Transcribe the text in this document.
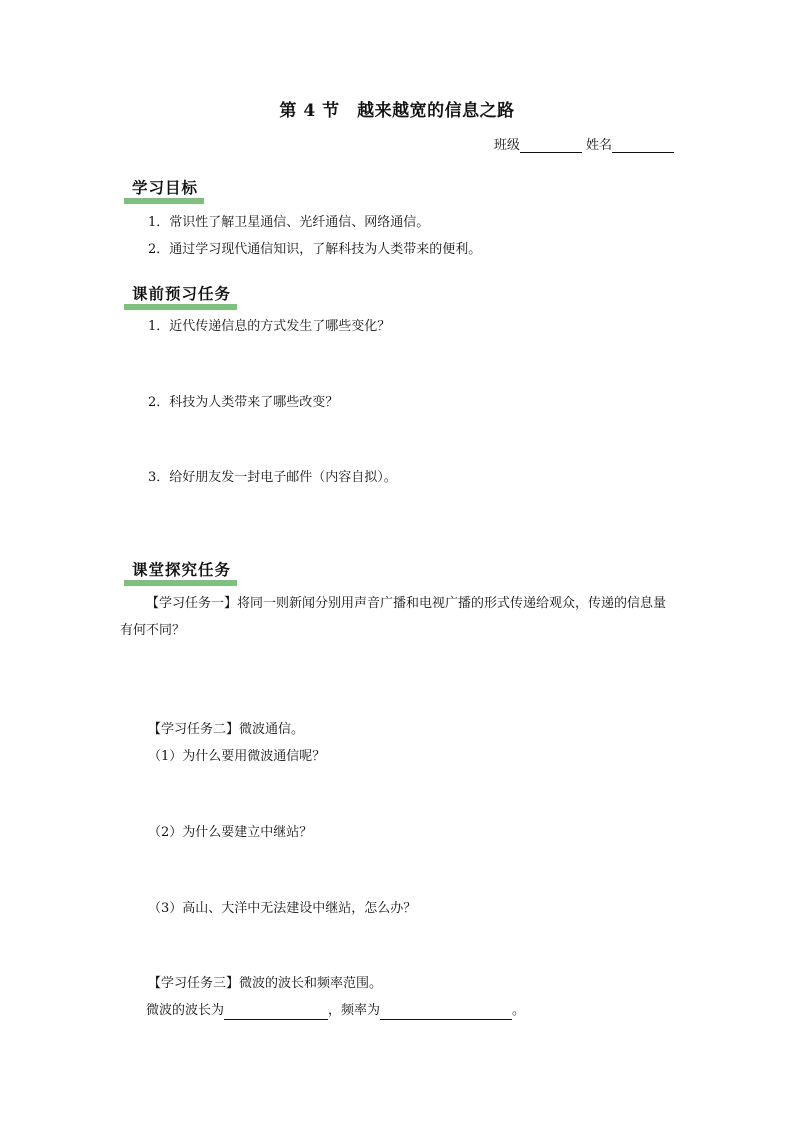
第 4 节　越来越宽的信息之路
班级	姓名
学习目标
1．常识性了解卫星通信、光纤通信、网络通信。
2．通过学习现代通信知识，了解科技为人类带来的便利。
课前预习任务
1．近代传递信息的方式发生了哪些变化？
2．科技为人类带来了哪些改变？
3．给好朋友发一封电子邮件（内容自拟）。
课堂探究任务
【学习任务一】将同一则新闻分别用声音广播和电视广播的形式传递给观众，传递的信息量有何不同？
【学习任务二】微波通信。
（1）为什么要用微波通信呢？
（2）为什么要建立中继站？
（3）高山、大洋中无法建设中继站，怎么办？
【学习任务三】微波的波长和频率范围。
微波的波长为	，频率为	。
